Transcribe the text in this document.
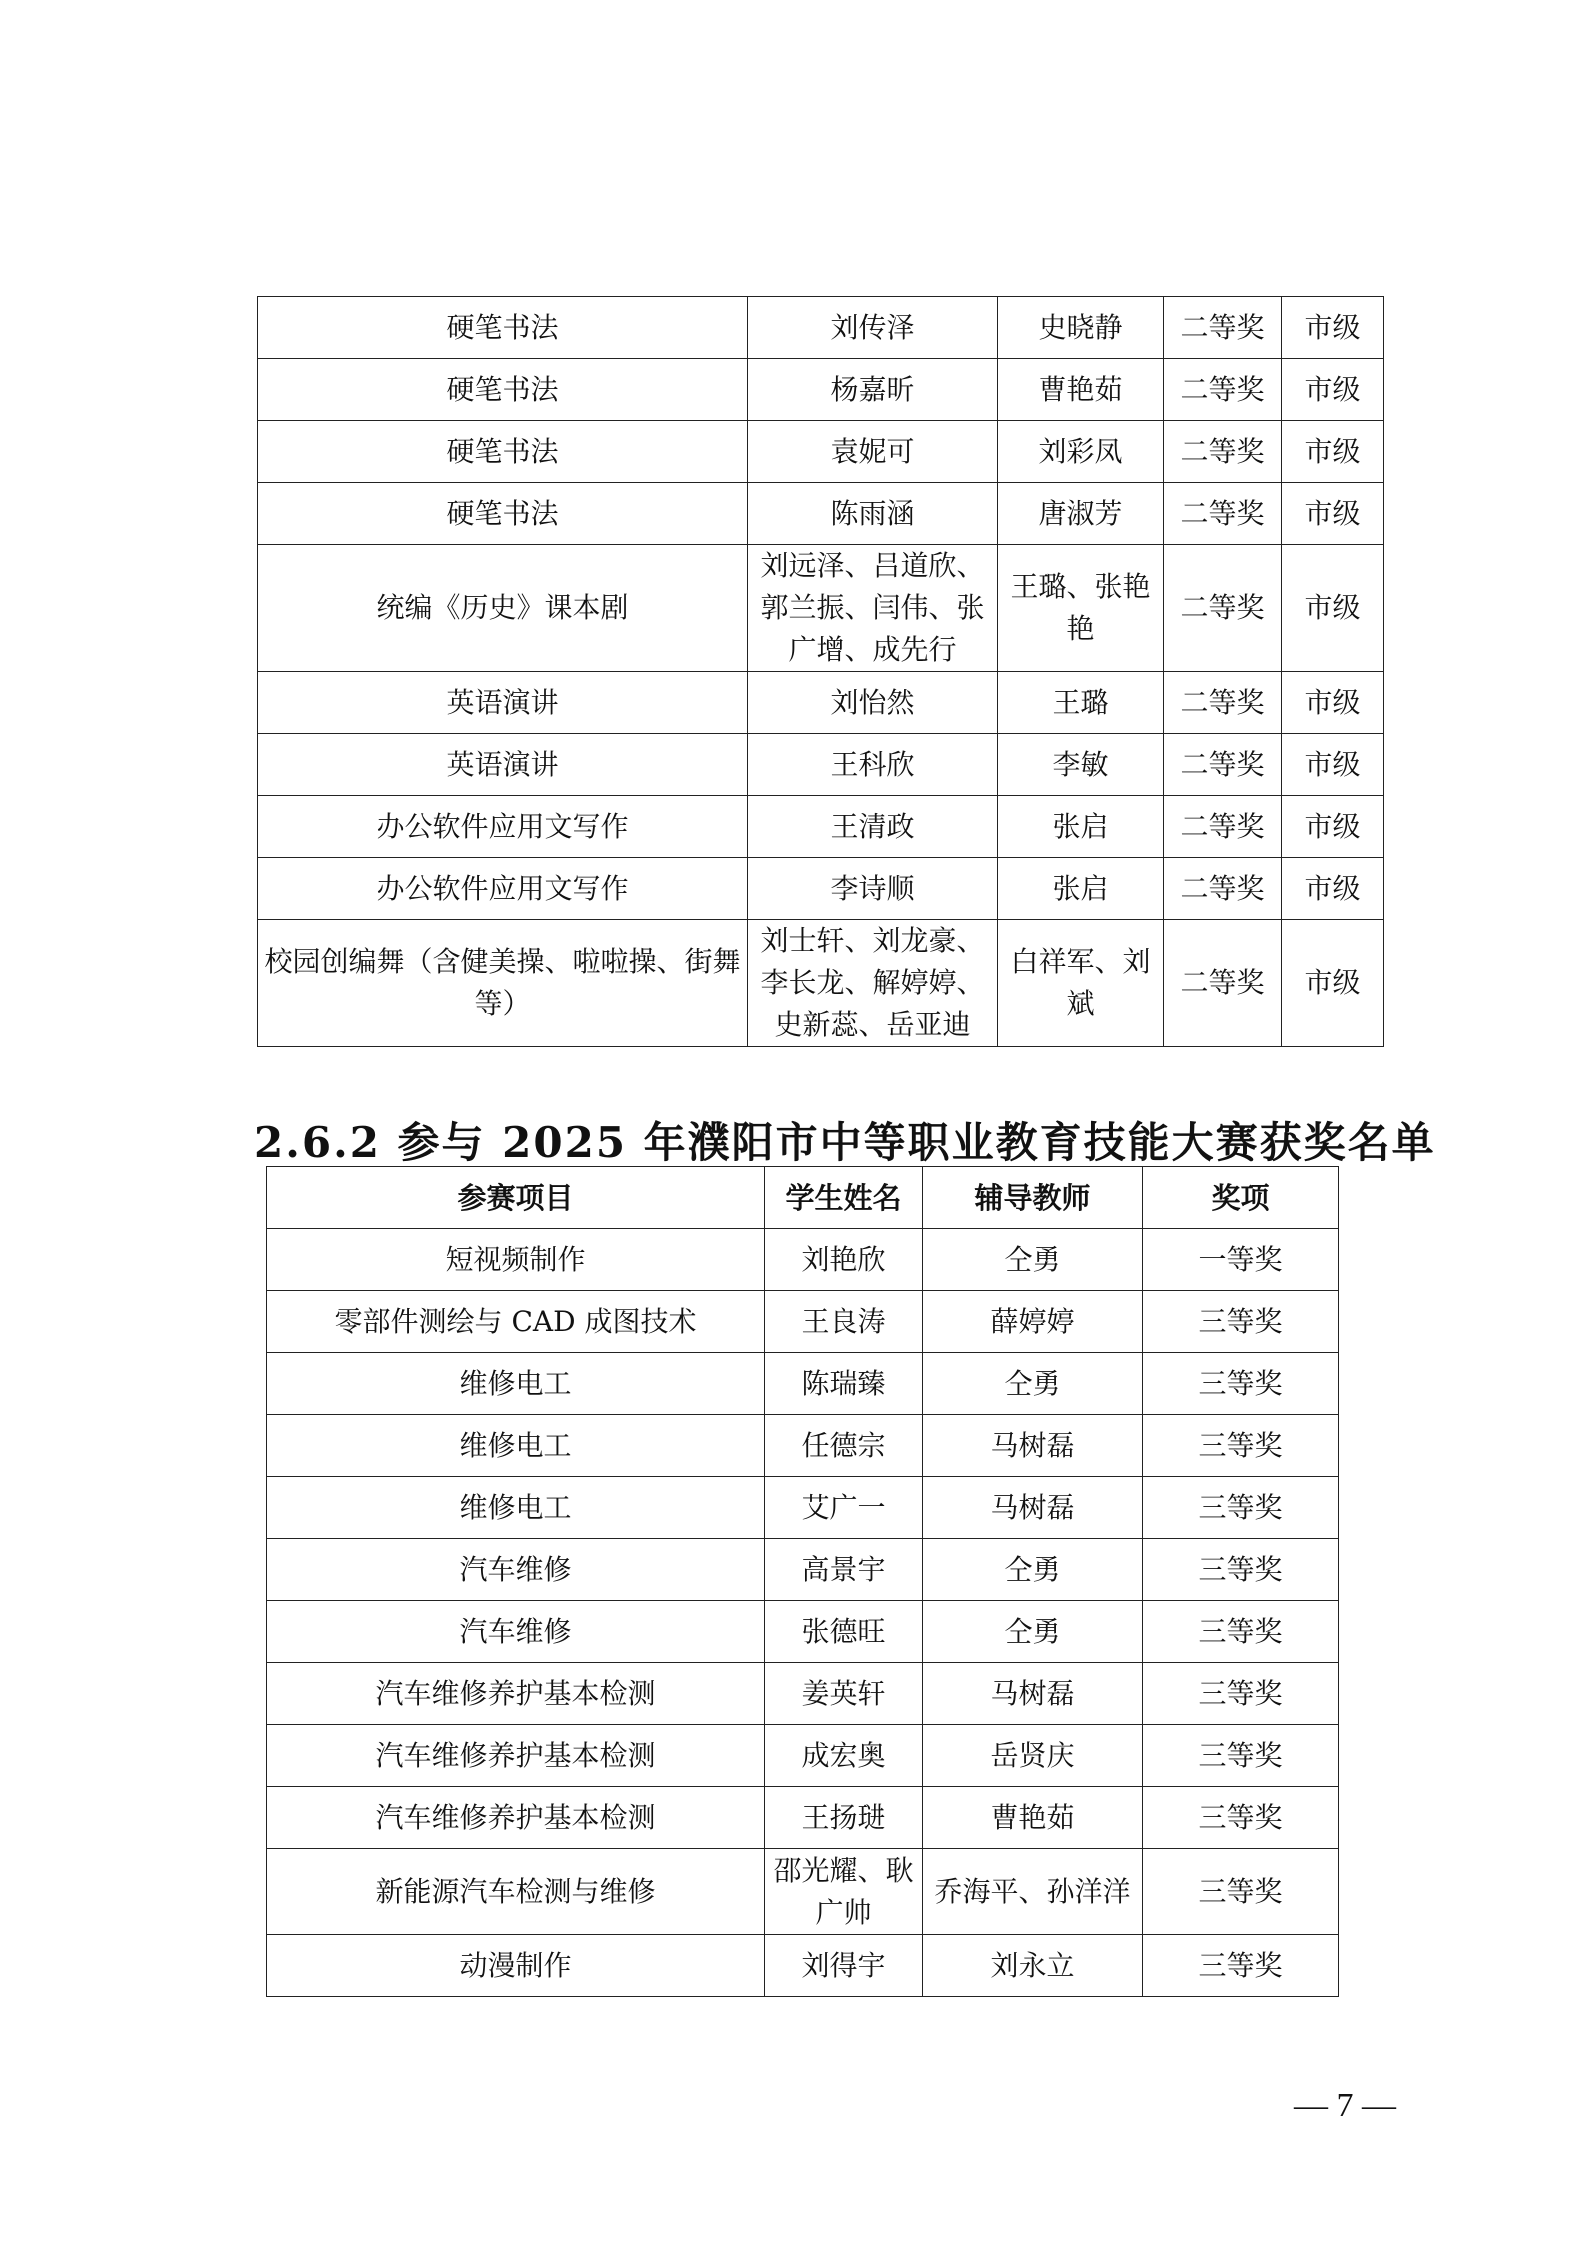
硬笔书法	刘传泽	史晓静	二等奖	市级
硬笔书法	杨嘉昕	曹艳茹	二等奖	市级
硬笔书法	袁妮可	刘彩凤	二等奖	市级
硬笔书法	陈雨涵	唐淑芳	二等奖	市级
统编《历史》课本剧	刘远泽、吕道欣、郭兰振、闫伟、张广增、成先行	王璐、张艳艳	二等奖	市级
英语演讲	刘怡然	王璐	二等奖	市级
英语演讲	王科欣	李敏	二等奖	市级
办公软件应用文写作	王清政	张启	二等奖	市级
办公软件应用文写作	李诗顺	张启	二等奖	市级
校园创编舞（含健美操、啦啦操、街舞等）	刘士轩、刘龙豪、李长龙、解婷婷、史新蕊、岳亚迪	白祥军、刘斌	二等奖	市级
2.6.2 参与 2025 年濮阳市中等职业教育技能大赛获奖名单
参赛项目	学生姓名	辅导教师	奖项
短视频制作	刘艳欣	仝勇	一等奖
零部件测绘与 CAD 成图技术	王良涛	薛婷婷	三等奖
维修电工	陈瑞臻	仝勇	三等奖
维修电工	任德宗	马树磊	三等奖
维修电工	艾广一	马树磊	三等奖
汽车维修	高景宇	仝勇	三等奖
汽车维修	张德旺	仝勇	三等奖
汽车维修养护基本检测	姜英轩	马树磊	三等奖
汽车维修养护基本检测	成宏奥	岳贤庆	三等奖
汽车维修养护基本检测	王扬琎	曹艳茹	三等奖
新能源汽车检测与维修	邵光耀、耿广帅	乔海平、孙洋洋	三等奖
动漫制作	刘得宇	刘永立	三等奖
— 7 —
